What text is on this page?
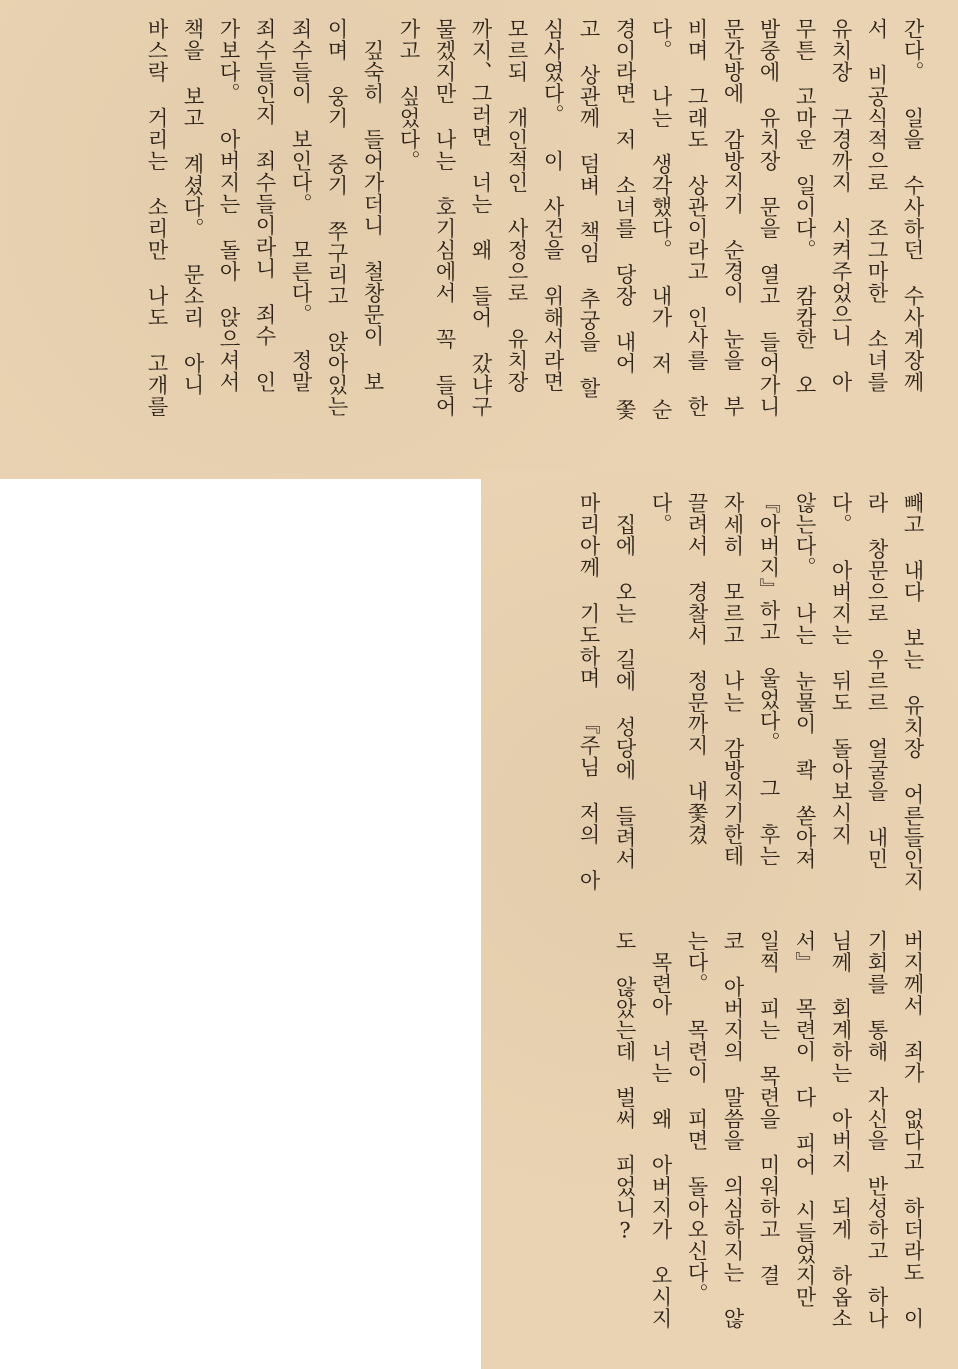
간다。 일을 수사하던 수사계장께
서 비공식적으로 조그마한 소녀를
유치장 구경까지 시켜주었으니 아
무튼 고마운 일이다。 캄캄한 오
밤중에 유치장 문을 열고 들어가니
문간방에 감방지기 순경이 눈을 부
비며 그래도 상관이라고 인사를 한
다。 나는 생각했다。 내가 저 순
경이라면 저 소녀를 당장 내어 쫓
고 상관께 덤벼 책임 추궁을 할
심사였다。 이 사건을 위해서라면
모르되 개인적인 사정으로 유치장
까지、그러면 너는 왜 들어 갔냐구
물겠지만 나는 호기심에서 꼭 들어
가고 싶었다。
　깊숙히 들어가더니 철창문이 보
이며 웅기 중기 쭈구리고 앉아있는
죄수들이 보인다。 모른다。 정말
죄수들인지 죄수들이라니 죄수 인
가보다。 아버지는 돌아 앉으셔서
책을 보고 계셨다。 문소리 아니
바스락 거리는 소리만 나도 고개를
빼고 내다 보는 유치장 어른들인지
라 창문으로 우르르 얼굴을 내민
다。 아버지는 뒤도 돌아보시지
않는다。 나는 눈물이 콱 쏟아져
『아버지』하고 울었다。 그 후는
자세히 모르고 나는 감방지기한테
끌려서 경찰서 정문까지 내쫓겼
다。
　집에 오는 길에 성당에 들려서
마리아께 기도하며 『주님 저의 아
버지께서 죄가 없다고 하더라도 이
기회를 통해 자신을 반성하고 하나
님께 회계하는 아버지 되게 하옵소
서』 목련이 다 피어 시들었지만
일찍 피는 목련을 미워하고 결
코 아버지의 말씀을 의심하지는 않
는다。 목련이 피면 돌아오신다。
　목련아 너는 왜 아버지가 오시지
도 않았는데 벌써 피었니?
